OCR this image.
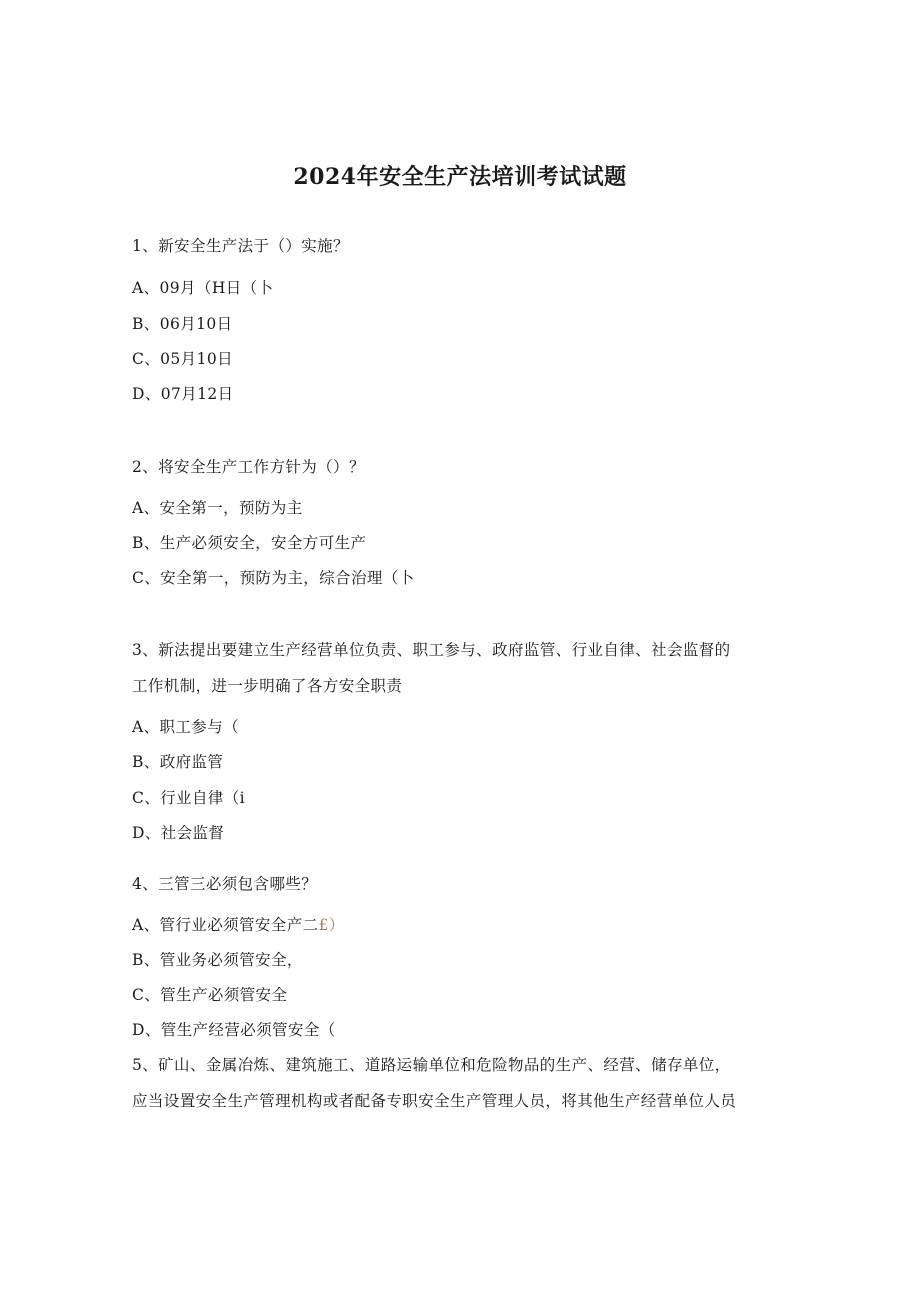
2024年安全生产法培训考试试题
1、新安全生产法于（）实施？
A、09月（H日（卜
B、06月10日
C、05月10日
D、07月12日
2、将安全生产工作方针为（）？
A、安全第一，预防为主
B、生产必须安全，安全方可生产
C、安全第一，预防为主，综合治理（卜
3、新法提出要建立生产经营单位负责、职工参与、政府监管、行业自律、社会监督的
工作机制，进一步明确了各方安全职责
A、职工参与（
B、政府监管
C、行业自律（i
D、社会监督
4、三管三必须包含哪些？
A、管行业必须管安全产二£）
B、管业务必须管安全，
C、管生产必须管安全
D、管生产经营必须管安全（
5、矿山、金属冶炼、建筑施工、道路运输单位和危险物品的生产、经营、储存单位，
应当设置安全生产管理机构或者配备专职安全生产管理人员，将其他生产经营单位人员
